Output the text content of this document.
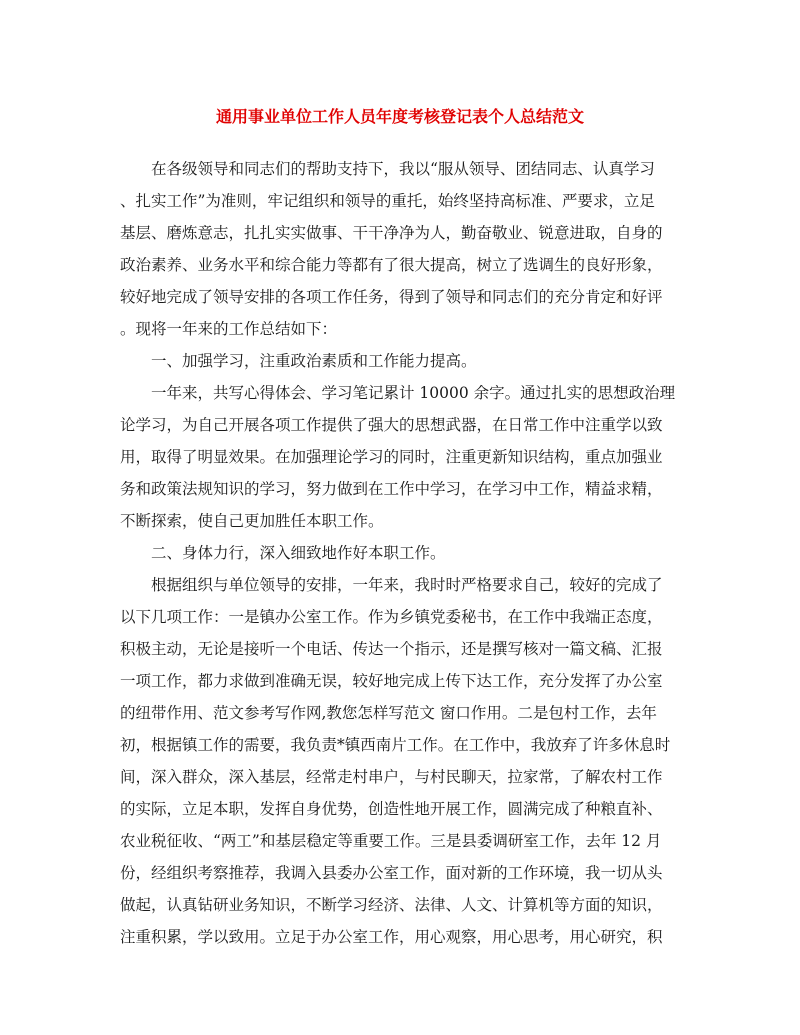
通用事业单位工作人员年度考核登记表个人总结范文
在各级领导和同志们的帮助支持下，我以“服从领导、团结同志、认真学习
、扎实工作”为准则，牢记组织和领导的重托，始终坚持高标准、严要求，立足
基层、磨炼意志，扎扎实实做事、干干净净为人，勤奋敬业、锐意进取，自身的
政治素养、业务水平和综合能力等都有了很大提高，树立了选调生的良好形象，
较好地完成了领导安排的各项工作任务，得到了领导和同志们的充分肯定和好评
。现将一年来的工作总结如下：
一、加强学习，注重政治素质和工作能力提高。
一年来，共写心得体会、学习笔记累计 10000 余字。通过扎实的思想政治理
论学习，为自己开展各项工作提供了强大的思想武器，在日常工作中注重学以致
用，取得了明显效果。在加强理论学习的同时，注重更新知识结构，重点加强业
务和政策法规知识的学习，努力做到在工作中学习，在学习中工作，精益求精，
不断探索，使自己更加胜任本职工作。
二、身体力行，深入细致地作好本职工作。
根据组织与单位领导的安排，一年来，我时时严格要求自己，较好的完成了
以下几项工作：一是镇办公室工作。作为乡镇党委秘书，在工作中我端正态度，
积极主动，无论是接听一个电话、传达一个指示，还是撰写核对一篇文稿、汇报
一项工作，都力求做到准确无误，较好地完成上传下达工作，充分发挥了办公室
的纽带作用、范文参考写作网,教您怎样写范文 窗口作用。二是包村工作，去年
初，根据镇工作的需要，我负责*镇西南片工作。在工作中，我放弃了许多休息时
间，深入群众，深入基层，经常走村串户，与村民聊天，拉家常，了解农村工作
的实际，立足本职，发挥自身优势，创造性地开展工作，圆满完成了种粮直补、
农业税征收、“两工”和基层稳定等重要工作。三是县委调研室工作，去年 12 月
份，经组织考察推荐，我调入县委办公室工作，面对新的工作环境，我一切从头
做起，认真钻研业务知识，不断学习经济、法律、人文、计算机等方面的知识，
注重积累，学以致用。立足于办公室工作，用心观察，用心思考，用心研究，积
